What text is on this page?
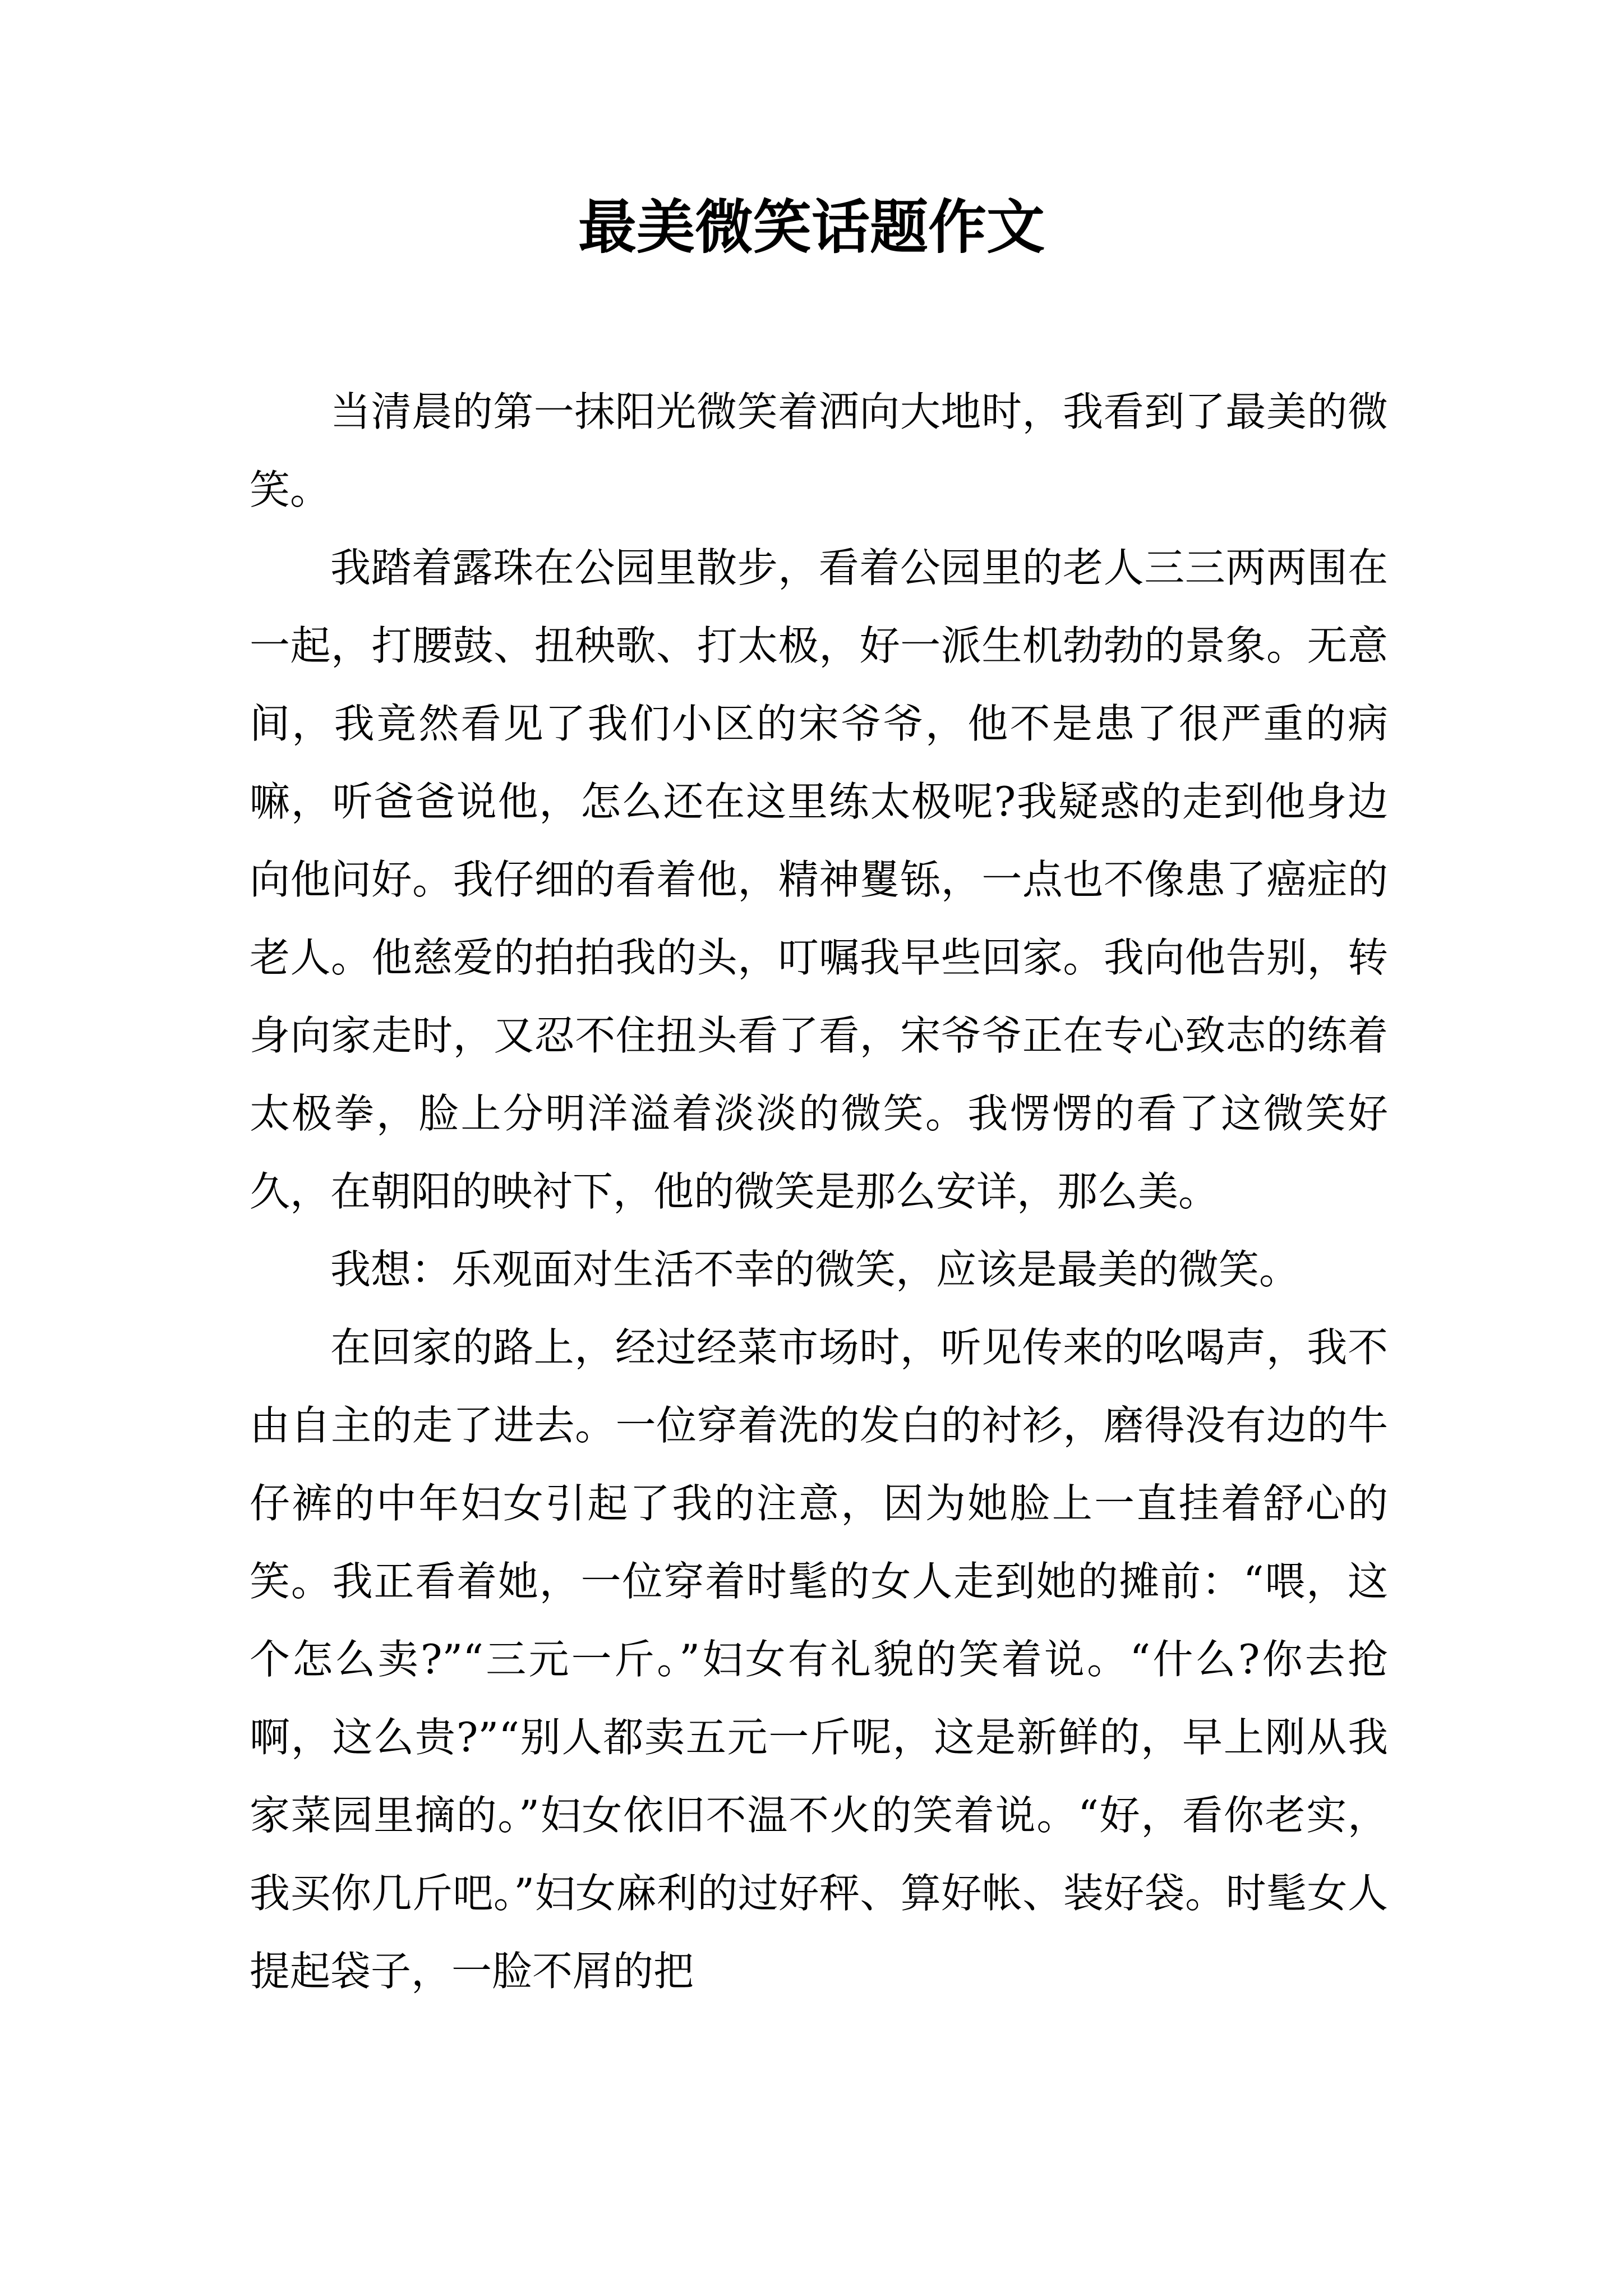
最美微笑话题作文

当清晨的第一抹阳光微笑着洒向大地时，我看到了最美的微笑。

我踏着露珠在公园里散步，看着公园里的老人三三两两围在一起，打腰鼓、扭秧歌、打太极，好一派生机勃勃的景象。无意间，我竟然看见了我们小区的宋爷爷，他不是患了很严重的病嘛，听爸爸说他，怎么还在这里练太极呢?我疑惑的走到他身边向他问好。我仔细的看着他，精神矍铄，一点也不像患了癌症的老人。他慈爱的拍拍我的头，叮嘱我早些回家。我向他告别，转身向家走时，又忍不住扭头看了看，宋爷爷正在专心致志的练着太极拳，脸上分明洋溢着淡淡的微笑。我愣愣的看了这微笑好久，在朝阳的映衬下，他的微笑是那么安详，那么美。

我想：乐观面对生活不幸的微笑，应该是最美的微笑。

在回家的路上，经过经菜市场时，听见传来的吆喝声，我不由自主的走了进去。一位穿着洗的发白的衬衫，磨得没有边的牛仔裤的中年妇女引起了我的注意，因为她脸上一直挂着舒心的笑。我正看着她，一位穿着时髦的女人走到她的摊前：“喂，这个怎么卖?”“三元一斤。”妇女有礼貌的笑着说。“什么?你去抢啊，这么贵?”“别人都卖五元一斤呢，这是新鲜的，早上刚从我家菜园里摘的。”妇女依旧不温不火的笑着说。“好，看你老实，我买你几斤吧。”妇女麻利的过好秤、算好帐、装好袋。时髦女人提起袋子，一脸不屑的把
